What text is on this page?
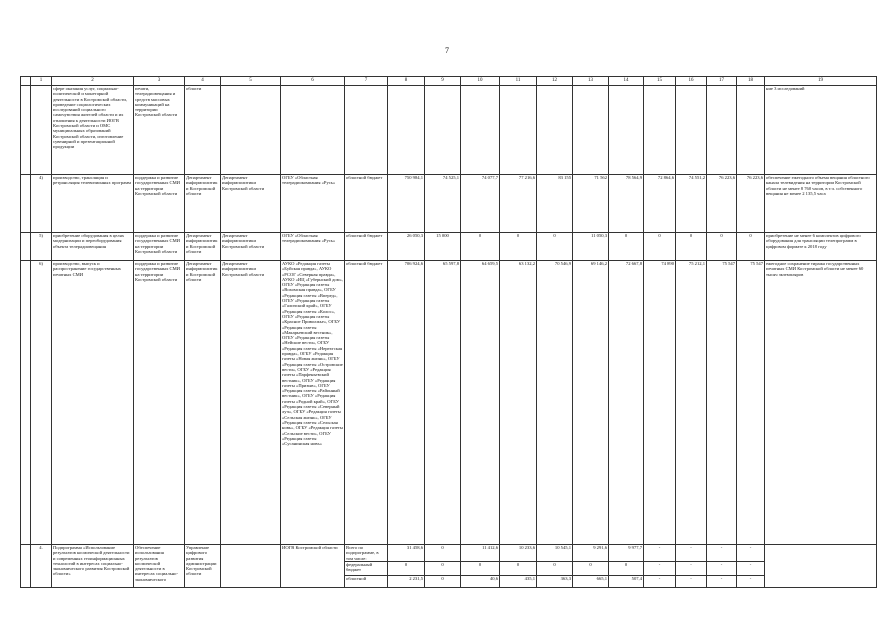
7
	1	2	3	4	5	6	7	8	9	10	11	12	13	14	15	16	17	18	19
		сфере оказания услуг, социально-политической и монетарной деятельности в Костромской области, проведение социологических исследований социального самочувствия жителей области и их отношения к деятельности ИОГВ Костромской области и ОМС муниципальных образований Костромской области, изготовление сувенирной и презентационной продукции	печати, телерадиовещания и средств массовых коммуникаций на территории Костромской области	области															ние 3 исследований
	4)	производство, трансляция и ретрансляция телевизионных программ	поддержка и развитие государственных СМИ на территории Костромской области	Департамент информполитики Костромской области	Департамент информполитики Костромской области	ОГБУ «Областная телерадиокомпания «Русь»	областной бюджет	750 984,1	74 525,1	74 077,7	77 216,6	83 155	71 562	78 564,9	72 864,6	74 551,2	76 223,6	76 223,6	обеспечение ежегодного объема вещания областного канала телевидения на территории Костромской области не менее 8 760 часов, в т.ч. собственного вещания не менее 2 135,5 часа
	5)	приобретение оборудования в целях модернизации и переоборудования объекта телерадиовещания	поддержка и развитие государственных СМИ на территории Костромской области	Департамент информполитики Костромской области	Департамент информполитики Костромской области	ОГБУ «Областная телерадиокомпания «Русь»	областной бюджет	26 050,3	15 000	0	0	0	11 050,3	0	0	0	0	0	приобретение не менее 6 комплектов цифрового оборудования для трансляции телепрограмм в цифровом формате к 2018 году
	6)	производство, выпуск и распространение государственных печатных СМИ	поддержка и развитие государственных СМИ на территории Костромской области	Департамент информполитики Костромской области	Департамент информполитики Костромской области	АУКО «Редакция газеты «Буйская правда», АУКО «РСОГ «Северная правда», АУКО «ИЦ «Губернский дом», ОГБУ «Редакция газеты «Вохомская правда», ОГБУ «Редакция газеты «Вперед», ОГБУ «Редакция газеты «Галичский край», ОГБУ «Редакция газеты «Колос», ОГБУ «Редакция газеты «Красное Приволжье», ОГБУ «Редакция газеты «Макарьевский вестник», ОГБУ «Редакция газеты «Нейские вести», ОГБУ «Редакция газеты «Нерехтская правда», ОГБУ «Редакция газеты «Новая жизнь», ОГБУ «Редакция газеты «Островские вести», ОГБУ «Редакция газеты «Парфеньевский вестник», ОГБУ «Редакция газеты «Призыв», ОГБУ «Редакция газеты «Районный вестник», ОГБУ «Редакция газеты «Родной край», ОГБУ «Редакция газеты «Северный луч», ОГБУ «Редакция газеты «Сельская жизнь», ОГБУ «Редакция газеты «Сельская новь», ОГБУ «Редакция газеты «Сельские вести», ОГБУ «Редакция газеты «Сусанинская новь»	областной бюджет	706 924,6	65 597,8	64 659,5	63 132,2	70 546,9	69 146,2	72 667,8	74 890	75 212,1	75 547	75 547	ежегодное сохранение тиража государственных печатных СМИ Костромской области не менее 60 тысяч экземпляров
	4.	Подпрограмма «Использование результатов космической деятельности и современных геоинформационных технологий в интересах социально-экономического развития Костромской области»	Обеспечение использования результатов космической деятельности в интересах социально-экономического	Управление цифрового развития администрации Костромской области		ИОГВ Костромской области	Всего по подпрограмме, в том числе:	31 458,6	0	11 412,6	10 233,6	10 545,1	9 291,6	9 977,7	-	-	-	-	
							федеральный бюджет	0	0	0	0	0	0	0	-	-	-	-	
							областной	2 231,5	0	40,6	435,1	363,3	665,1	507,4	-	-	-	-	
